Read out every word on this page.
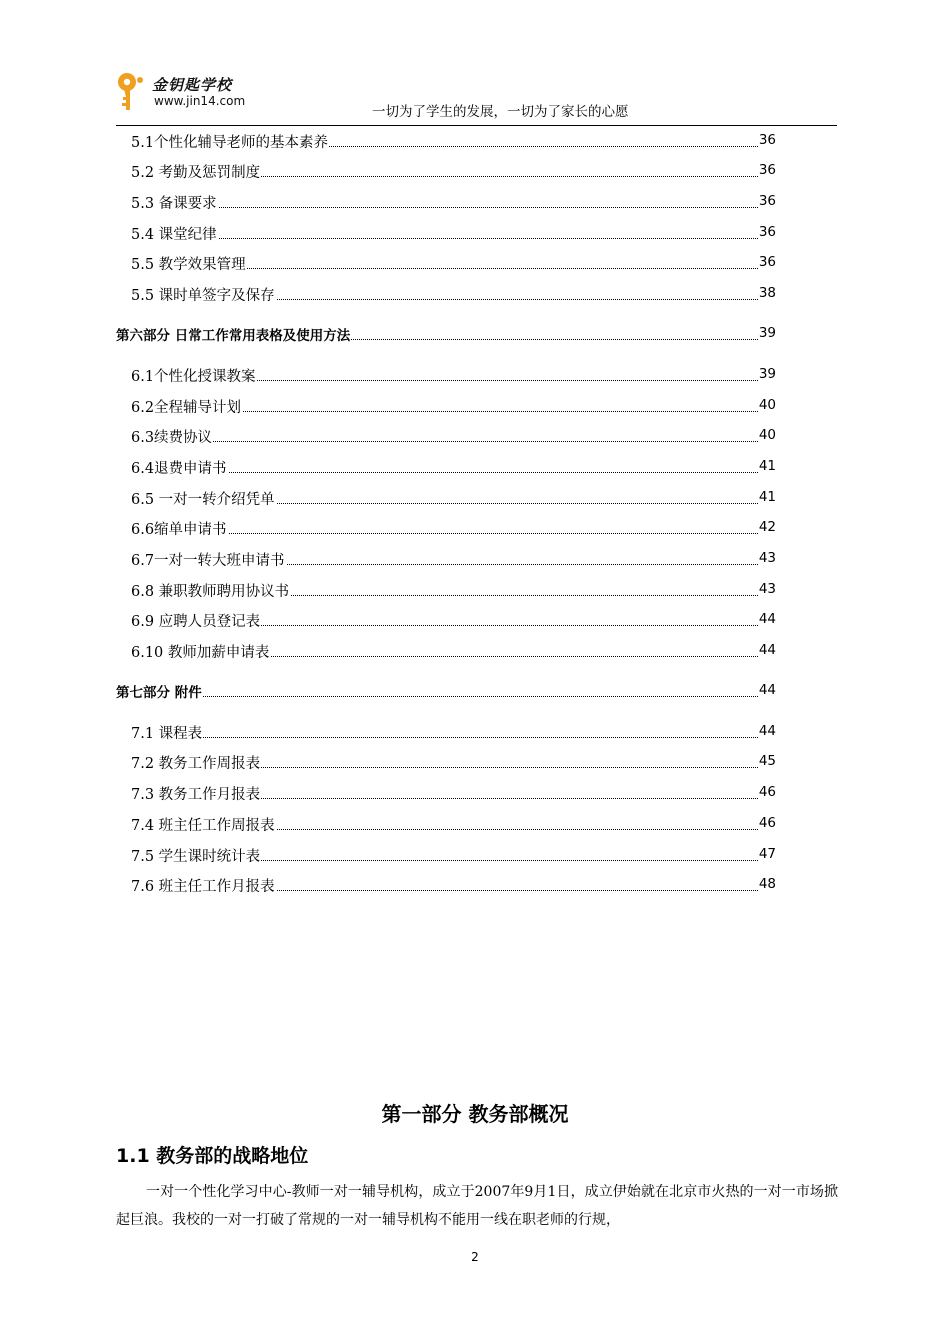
金钥匙学校
www.jin14.com
一切为了学生的发展，一切为了家长的心愿
5.1个性化辅导老师的基本素养	36
5.2 考勤及惩罚制度	36
5.3 备课要求	36
5.4 课堂纪律	36
5.5 教学效果管理	36
5.5 课时单签字及保存	38
第六部分 日常工作常用表格及使用方法	39
6.1个性化授课教案	39
6.2全程辅导计划	40
6.3续费协议	40
6.4退费申请书	41
6.5 一对一转介绍凭单	41
6.6缩单申请书	42
6.7一对一转大班申请书	43
6.8 兼职教师聘用协议书	43
6.9 应聘人员登记表	44
6.10 教师加薪申请表	44
第七部分 附件	44
7.1 课程表	44
7.2 教务工作周报表	45
7.3 教务工作月报表	46
7.4 班主任工作周报表	46
7.5 学生课时统计表	47
7.6 班主任工作月报表	48
第一部分 教务部概况
1.1 教务部的战略地位
一对一个性化学习中心-教师一对一辅导机构，成立于2007年9月1日，成立伊始就在北京市火热的一对一市场掀起巨浪。我校的一对一打破了常规的一对一辅导机构不能用一线在职老师的行规，
2
